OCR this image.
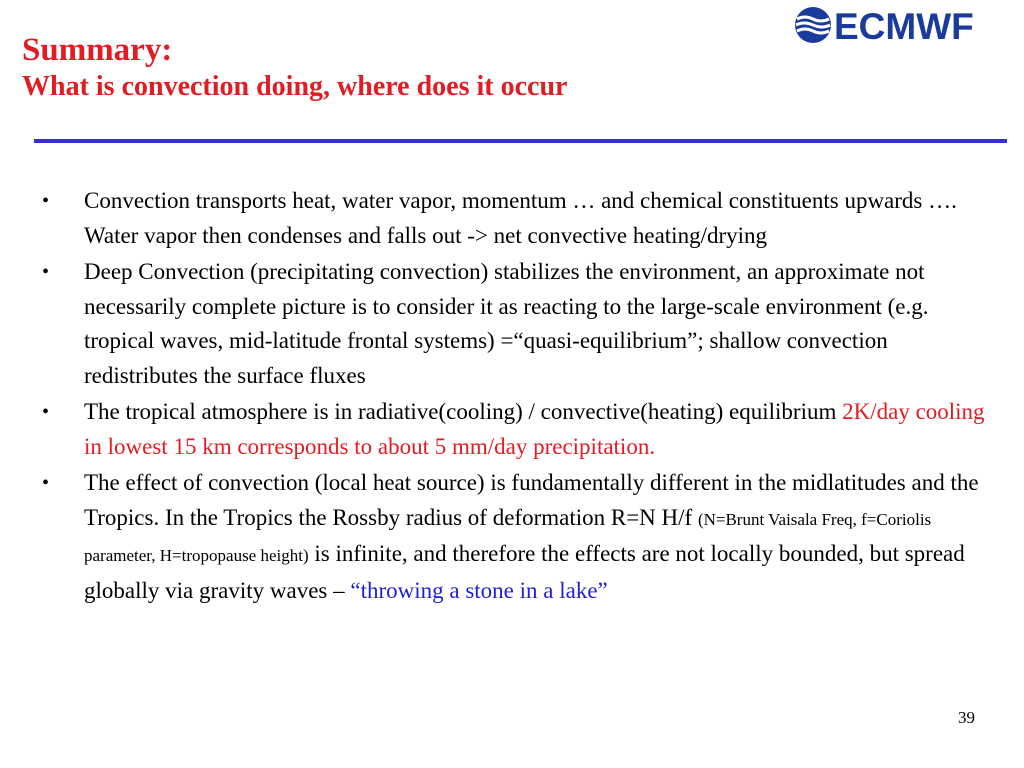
Summary:

What is convection doing, where does it occur

ECMWF
• Convection transports heat, water vapor, momentum … and chemical constituents upwards …. Water vapor then condenses and falls out -> net convective heating/drying
• Deep Convection (precipitating convection) stabilizes the environment, an approximate not necessarily complete picture is to consider it as reacting to the large-scale environment (e.g. tropical waves, mid-latitude frontal systems) =“quasi-equilibrium”; shallow convection redistributes the surface fluxes
• The tropical atmosphere is in radiative(cooling) / convective(heating) equilibrium 2K/day cooling in lowest 15 km corresponds to about 5 mm/day precipitation.
• The effect of convection (local heat source) is fundamentally different in the midlatitudes and the Tropics. In the Tropics the Rossby radius of deformation R=N H/f (N=Brunt Vaisala Freq, f=Coriolis parameter, H=tropopause height) is infinite, and therefore the effects are not locally bounded, but spread globally via gravity waves – “throwing a stone in a lake”
39
